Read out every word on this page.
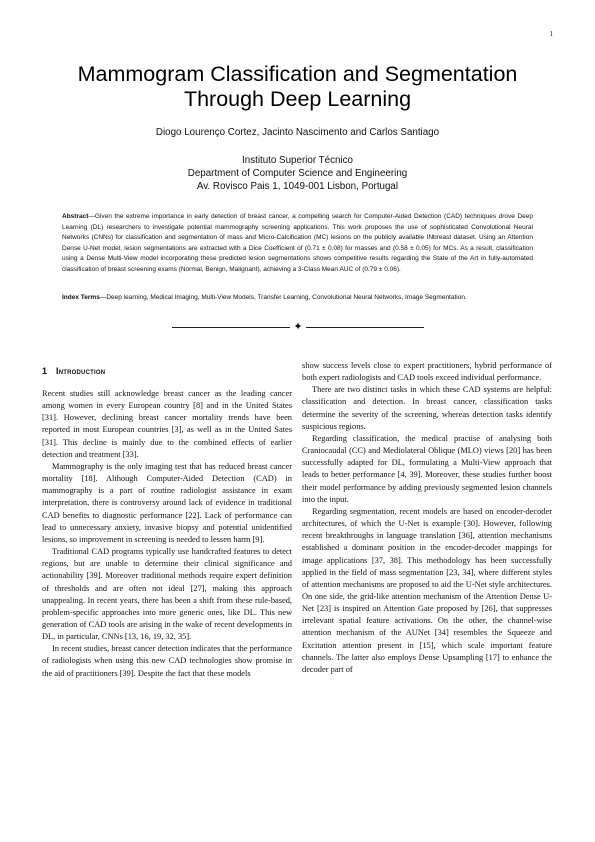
1
Mammogram Classification and Segmentation
Through Deep Learning
Diogo Lourenço Cortez, Jacinto Nascimento and Carlos Santiago
Instituto Superior Técnico
Department of Computer Science and Engineering
Av. Rovisco Pais 1, 1049-001 Lisbon, Portugal
Abstract—Given the extreme importance in early detection of breast cancer, a compelling search for Computer-Aided Detection (CAD) techniques drove Deep Learning (DL) researchers to investigate potential mammography screening applications. This work proposes the use of sophisticated Convolutional Neural Networks (CNNs) for classification and segmentation of mass and Micro-Calcification (MC) lesions on the publicly available INbreast dataset. Using an Attention Dense U-Net model, lesion segmentations are extracted with a Dice Coefficient of (0.71 ± 0.08) for masses and (0.58 ± 0.05) for MCs. As a result, classification using a Dense Multi-View model incorporating these predicted lesion segmentations shows competitive results regarding the State of the Art in fully-automated classification of breast screening exams (Normal, Benign, Malignant), achieving a 3-Class Mean AUC of (0.79 ± 0.06).
Index Terms—Deep learning, Medical Imaging, Multi-View Models, Transfer Learning, Convolutional Neural Networks, Image Segmentation.
✦
1 Introduction

Recent studies still acknowledge breast cancer as the leading cancer among women in every European country [8] and in the United States [31]. However, declining breast cancer mortality trends have been reported in most European countries [3], as well as in the United Sates [31]. This decline is mainly due to the combined effects of earlier detection and treatment [33].

Mammography is the only imaging test that has reduced breast cancer mortality [18]. Although Computer-Aided Detection (CAD) in mammography is a part of routine radiologist assistance in exam interpretation, there is controversy around lack of evidence in traditional CAD benefits to diagnostic performance [22]. Lack of performance can lead to unnecessary anxiety, invasive biopsy and potential unidentified lesions, so improvement in screening is needed to lessen harm [9].

Traditional CAD programs typically use handcrafted features to detect regions, but are unable to determine their clinical significance and actionability [39]. Moreover traditional methods require expert definition of thresholds and are often not ideal [27], making this approach unappealing. In recent years, there has been a shift from these rule-based, problem-specific approaches into more generic ones, like DL. This new generation of CAD tools are arising in the wake of recent developments in DL, in particular, CNNs [13, 16, 19, 32, 35].

In recent studies, breast cancer detection indicates that the performance of radiologists when using this new CAD technologies show promise in the aid of practitioners [39]. Despite the fact that these models

show success levels close to expert practitioners, hybrid performance of both expert radiologists and CAD tools exceed individual performance.

There are two distinct tasks in which these CAD systems are helpful: classification and detection. In breast cancer, classification tasks determine the severity of the screening, whereas detection tasks identify suspicious regions.

Regarding classification, the medical practise of analysing both Craniocaudal (CC) and Mediolateral Oblique (MLO) views [20] has been successfully adapted for DL, formulating a Multi-View approach that leads to better performance [4, 39]. Moreover, these studies further boost their model performance by adding previously segmented lesion channels into the input.

Regarding segmentation, recent models are based on encoder-decoder architectures, of which the U-Net is example [30]. However, following recent breakthroughs in language translation [36], attention mechanisms established a dominant position in the encoder-decoder mappings for image applications [37, 38]. This methodology has been successfully applied in the field of mass segmentation [23, 34], where different styles of attention mechanisms are proposed to aid the U-Net style architectures. On one side, the grid-like attention mechanism of the Attention Dense U-Net [23] is inspired on Attention Gate proposed by [26], that suppresses irrelevant spatial feature activations. On the other, the channel-wise attention mechanism of the AUNet [34] resembles the Squeeze and Excitation attention present in [15], which scale important feature channels. The latter also employs Dense Upsampling [17] to enhance the decoder part of
